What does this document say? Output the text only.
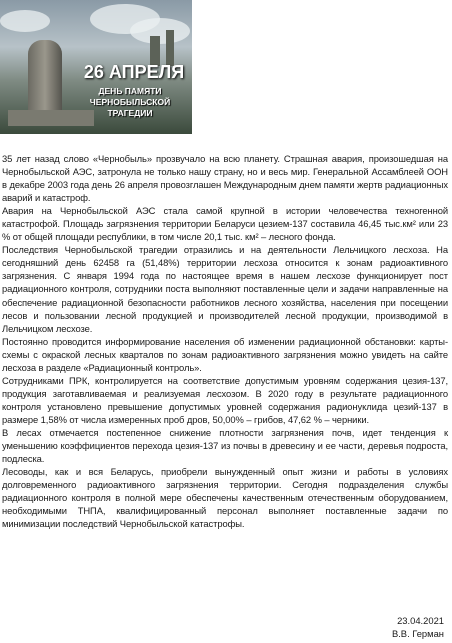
26 АПРЕЛЯ
ДЕНЬ ПАМЯТИ
ЧЕРНОБЫЛЬСКОЙ ТРАГЕДИИ

35 лет назад слово «Чернобыль» прозвучало на всю планету. Страшная авария, произошедшая на Чернобыльской АЭС, затронула не только нашу страну, но и весь мир. Генеральной Ассамблеей ООН в декабре 2003 года день 26 апреля провозглашен Международным днем памяти жертв радиационных аварий и катастроф.

Авария на Чернобыльской АЭС стала самой крупной в истории человечества техногенной катастрофой. Площадь загрязнения территории Беларуси цезием-137 составила 46,45 тыс.км² или 23 % от общей площади республики, в том числе 20,1 тыс. км² – лесного фонда.

Последствия Чернобыльской трагедии отразились и на деятельности Лельчицкого лесхоза. На сегодняшний день 62458 га (51,48%) территории лесхоза относится к зонам радиоактивного загрязнения. С января 1994 года по настоящее время в нашем лесхозе функционирует пост радиационного контроля, сотрудники поста выполняют поставленные цели и задачи направленные на обеспечение радиационной безопасности работников лесного хозяйства, населения при посещении лесов и пользовании лесной продукцией и производителей лесной продукции, производимой в Лельчицком лесхозе.

Постоянно проводится информирование населения об изменении радиационной обстановки: карты-схемы с окраской лесных кварталов по зонам радиоактивного загрязнения можно увидеть на сайте лесхоза в разделе «Радиационный контроль».

Сотрудниками ПРК, контролируется на соответствие допустимым уровням содержания цезия-137, продукция заготавливаемая и реализуемая лесхозом. В 2020 году в результате радиационного контроля установлено превышение допустимых уровней содержания радионуклида цезий-137 в размере 1,58% от числа измеренных проб дров, 50,00% – грибов, 47,62 % – черники.

В лесах отмечается постепенное снижение плотности загрязнения почв, идет тенденция к уменьшению коэффициентов перехода цезия-137 из почвы в древесину и ее части, деревья подроста, подлеска.

Лесоводы, как и вся Беларусь, приобрели вынужденный опыт жизни и работы в условиях долговременного радиоактивного загрязнения территории. Сегодня подразделения службы радиационного контроля в полной мере обеспечены качественным отечественным оборудованием, необходимыми ТНПА, квалифицированный персонал выполняет поставленные задачи по минимизации последствий Чернобыльской катастрофы.

23.04.2021
В.В. Герман
